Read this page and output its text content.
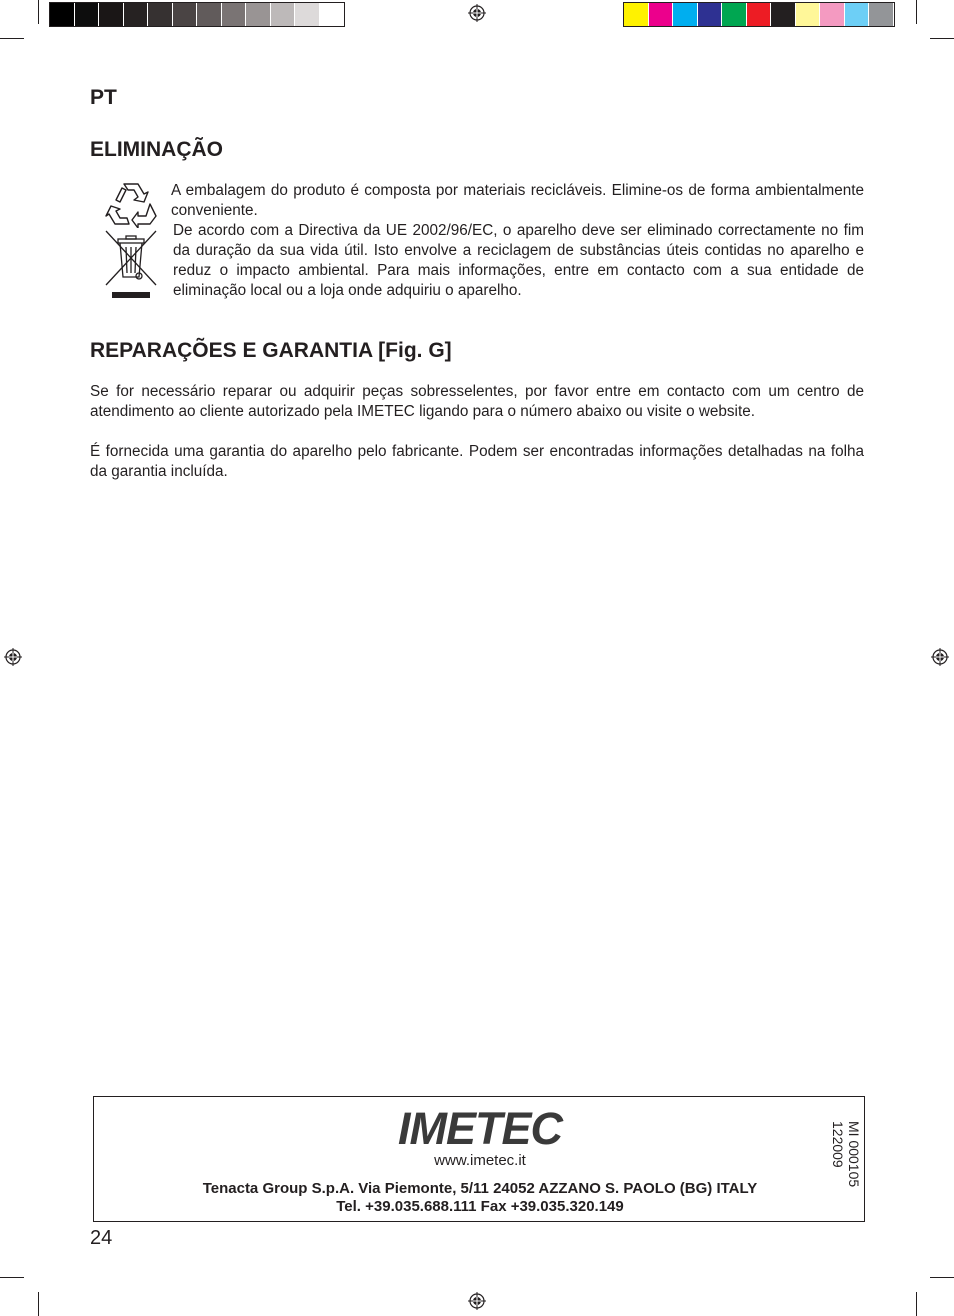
PT
ELIMINAÇÃO
A embalagem do produto é composta por materiais recicláveis. Elimine-os de forma ambientalmente conveniente.
De acordo com a Directiva da UE 2002/96/EC, o aparelho deve ser eliminado correctamente no fim da duração da sua vida útil. Isto envolve a reciclagem de substâncias úteis contidas no aparelho e reduz o impacto ambiental. Para mais informações, entre em contacto com a sua entidade de eliminação local ou a loja onde adquiriu o aparelho.
REPARAÇÕES E GARANTIA [Fig. G]
Se for necessário reparar ou adquirir peças sobresselentes, por favor entre em contacto com um centro de atendimento ao cliente autorizado pela IMETEC ligando para o número abaixo ou visite o website.
É fornecida uma garantia do aparelho pelo fabricante. Podem ser encontradas informações detalhadas na folha da garantia incluída.
IMETEC
www.imetec.it
Tenacta Group S.p.A. Via Piemonte, 5/11 24052 AZZANO S. PAOLO (BG) ITALY
Tel. +39.035.688.111 Fax +39.035.320.149
MI 000105
122009
24
